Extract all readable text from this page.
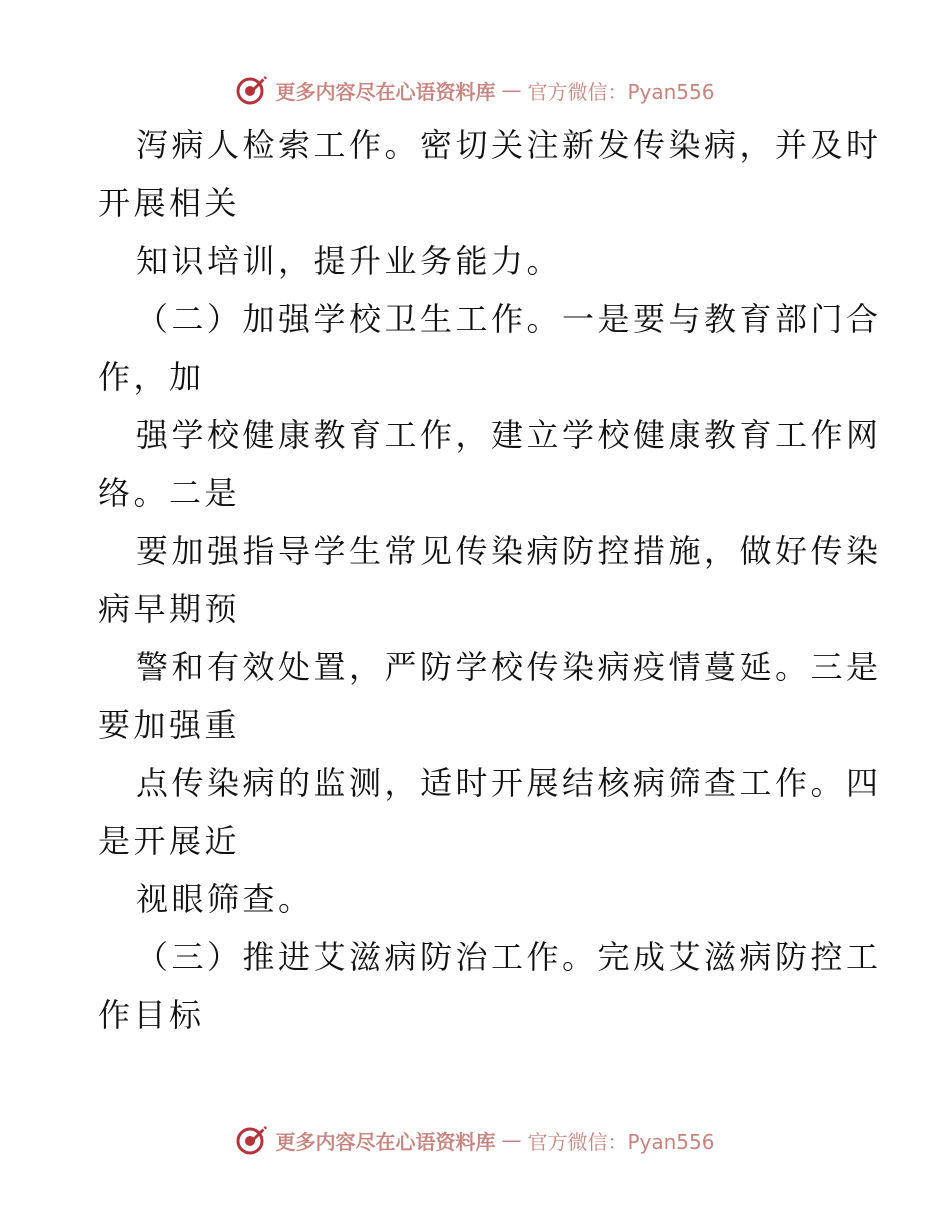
更多内容尽在心语资料库 — 官方微信：Pyan556
泻病人检索工作。密切关注新发传染病，并及时
开展相关
知识培训，提升业务能力。
（二）加强学校卫生工作。一是要与教育部门合
作，加
强学校健康教育工作，建立学校健康教育工作网
络。二是
要加强指导学生常见传染病防控措施，做好传染
病早期预
警和有效处置，严防学校传染病疫情蔓延。三是
要加强重
点传染病的监测，适时开展结核病筛查工作。四
是开展近
视眼筛查。
（三）推进艾滋病防治工作。完成艾滋病防控工
作目标
更多内容尽在心语资料库 — 官方微信：Pyan556
